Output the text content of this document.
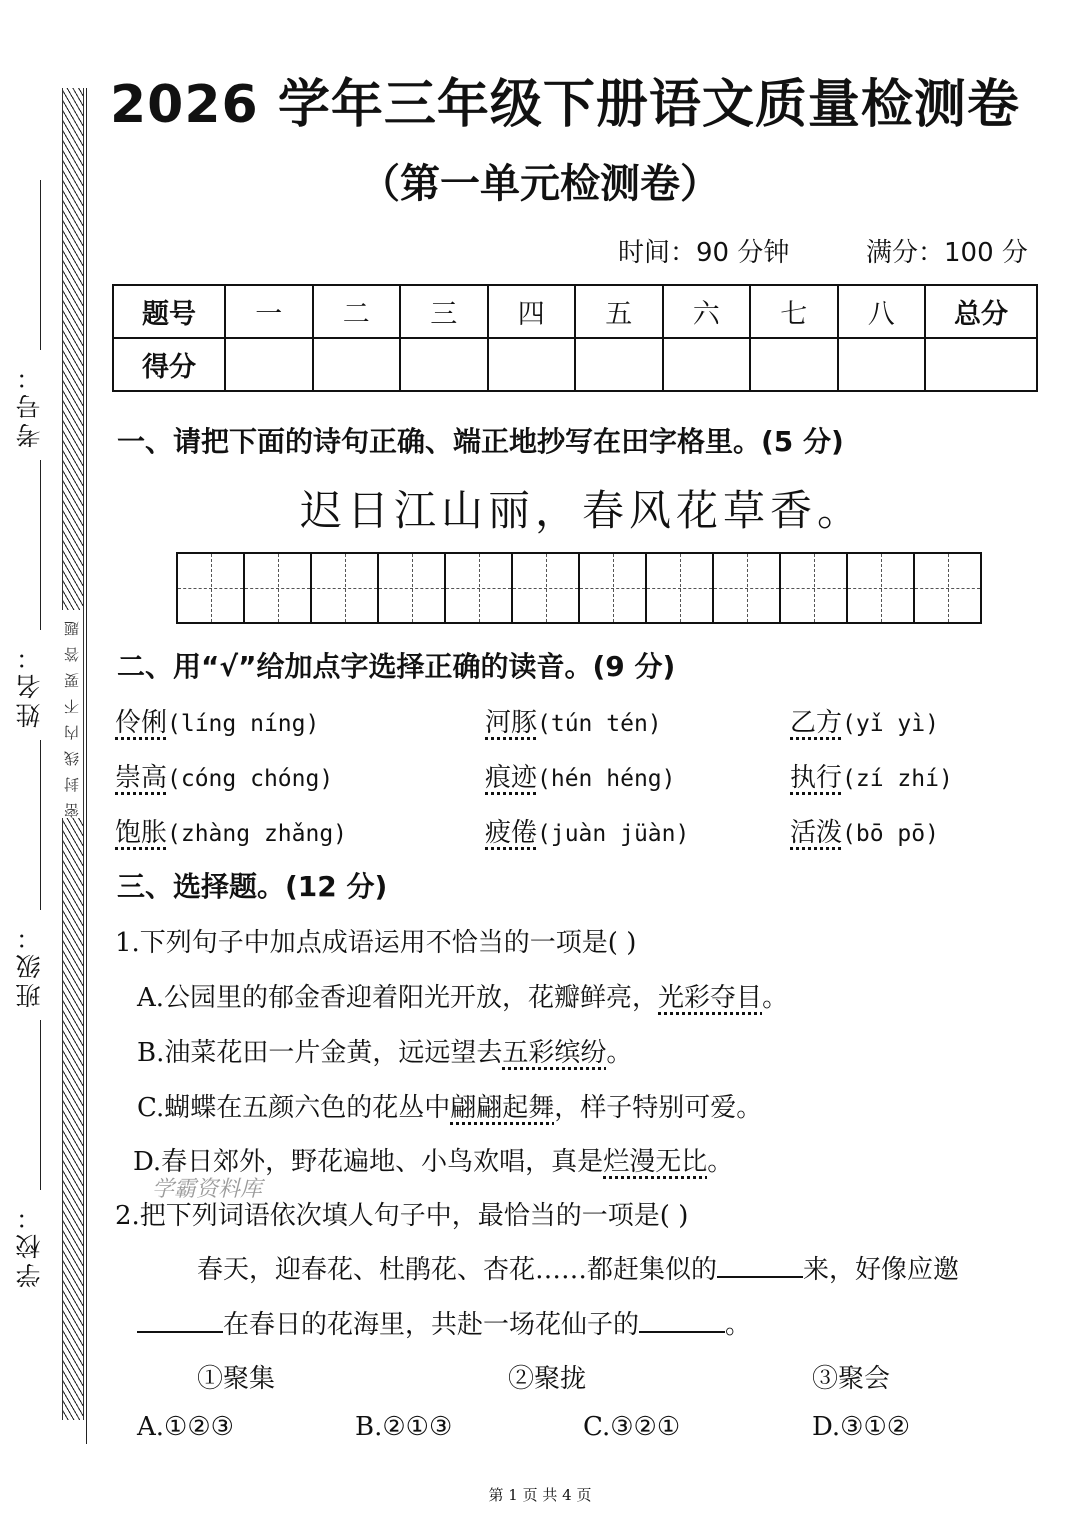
考号：
姓名：
班级：
学校：
密封线内不要答题
2026 学年三年级下册语文质量检测卷
（第一单元检测卷）
时间：90 分钟	满分：100 分
题号	一	二	三	四	五	六	七	八	总分
得分									
一、请把下面的诗句正确、端正地抄写在田字格里。(5 分)
迟日江山丽，春风花草香。
二、用“√”给加点字选择正确的读音。(9 分)
伶俐(líng níng)	河豚(tún tén)	乙方(yǐ yì)
崇高(cóng chóng)	痕迹(hén héng)	执行(zí zhí)
饱胀(zhàng zhǎng)	疲倦(juàn jüàn)	活泼(bō pō)
三、选择题。(12 分)
1.下列句子中加点成语运用不恰当的一项是( )
A.公园里的郁金香迎着阳光开放，花瓣鲜亮，光彩夺目。
B.油菜花田一片金黄，远远望去五彩缤纷。
C.蝴蝶在五颜六色的花丛中翩翩起舞，样子特别可爱。
D.春日郊外，野花遍地、小鸟欢唱，真是烂漫无比。
学霸资料库
2.把下列词语依次填人句子中，最恰当的一项是( )
春天，迎春花、杜鹃花、杏花……都赶集似的	来，好像应邀
在春日的花海里，共赴一场花仙子的	。
①聚集	②聚拢	③聚会
A.①②③	B.②①③	C.③②①	D.③①②
第 1 页 共 4 页
